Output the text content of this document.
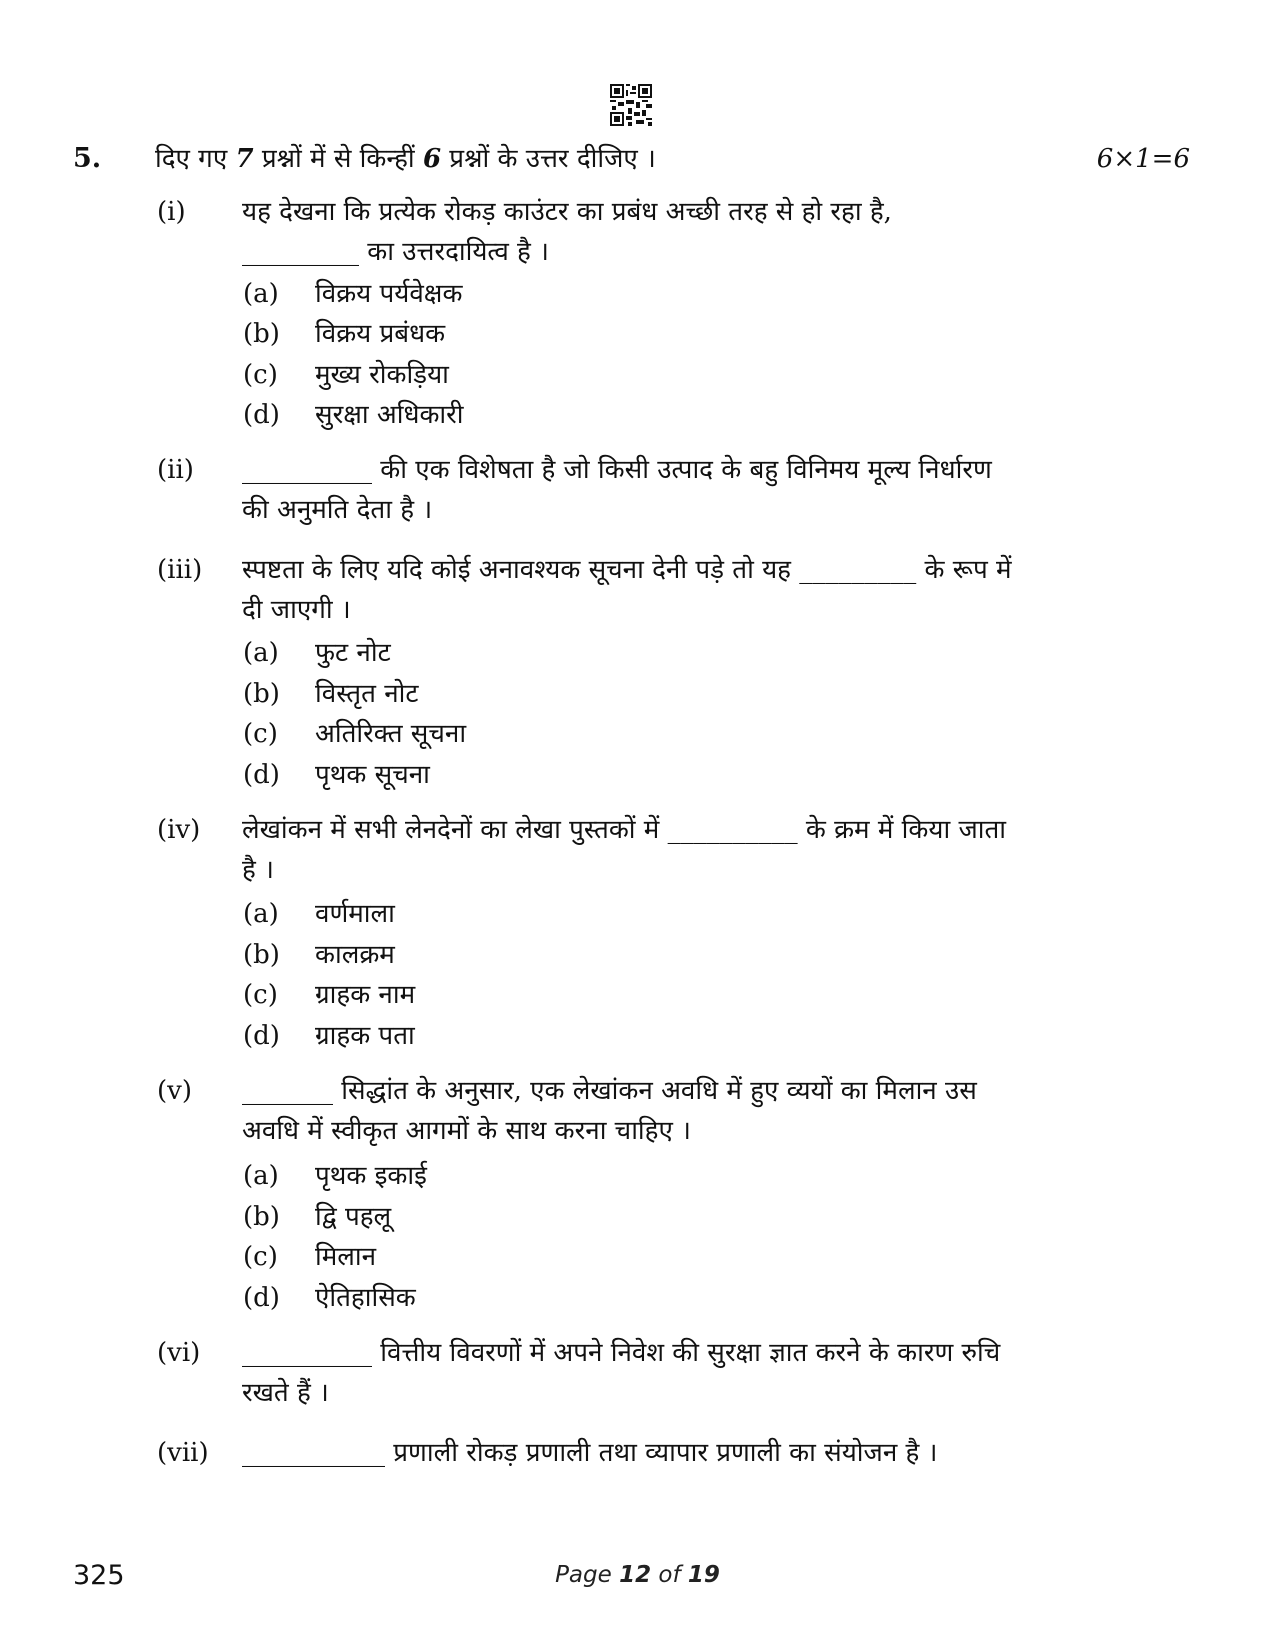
5. दिए गए 7 प्रश्नों में से किन्हीं 6 प्रश्नों के उत्तर दीजिए ।	6×1=6
(i) यह देखना कि प्रत्येक रोकड़ काउंटर का प्रबंध अच्छी तरह से हो रहा है,
_________ का उत्तरदायित्व है ।
(a) विक्रय पर्यवेक्षक
(b) विक्रय प्रबंधक
(c) मुख्य रोकड़िया
(d) सुरक्षा अधिकारी
(ii) __________ की एक विशेषता है जो किसी उत्पाद के बहु विनिमय मूल्य निर्धारण
की अनुमति देता है ।
(iii) स्पष्टता के लिए यदि कोई अनावश्यक सूचना देनी पड़े तो यह _________ के रूप में
दी जाएगी ।
(a) फुट नोट
(b) विस्तृत नोट
(c) अतिरिक्त सूचना
(d) पृथक सूचना
(iv) लेखांकन में सभी लेनदेनों का लेखा पुस्तकों में __________ के क्रम में किया जाता
है ।
(a) वर्णमाला
(b) कालक्रम
(c) ग्राहक नाम
(d) ग्राहक पता
(v) _______ सिद्धांत के अनुसार, एक लेखांकन अवधि में हुए व्ययों का मिलान उस
अवधि में स्वीकृत आगमों के साथ करना चाहिए ।
(a) पृथक इकाई
(b) द्वि पहलू
(c) मिलान
(d) ऐतिहासिक
(vi) __________ वित्तीय विवरणों में अपने निवेश की सुरक्षा ज्ञात करने के कारण रुचि
रखते हैं ।
(vii) ___________ प्रणाली रोकड़ प्रणाली तथा व्यापार प्रणाली का संयोजन है ।
325	Page 12 of 19
